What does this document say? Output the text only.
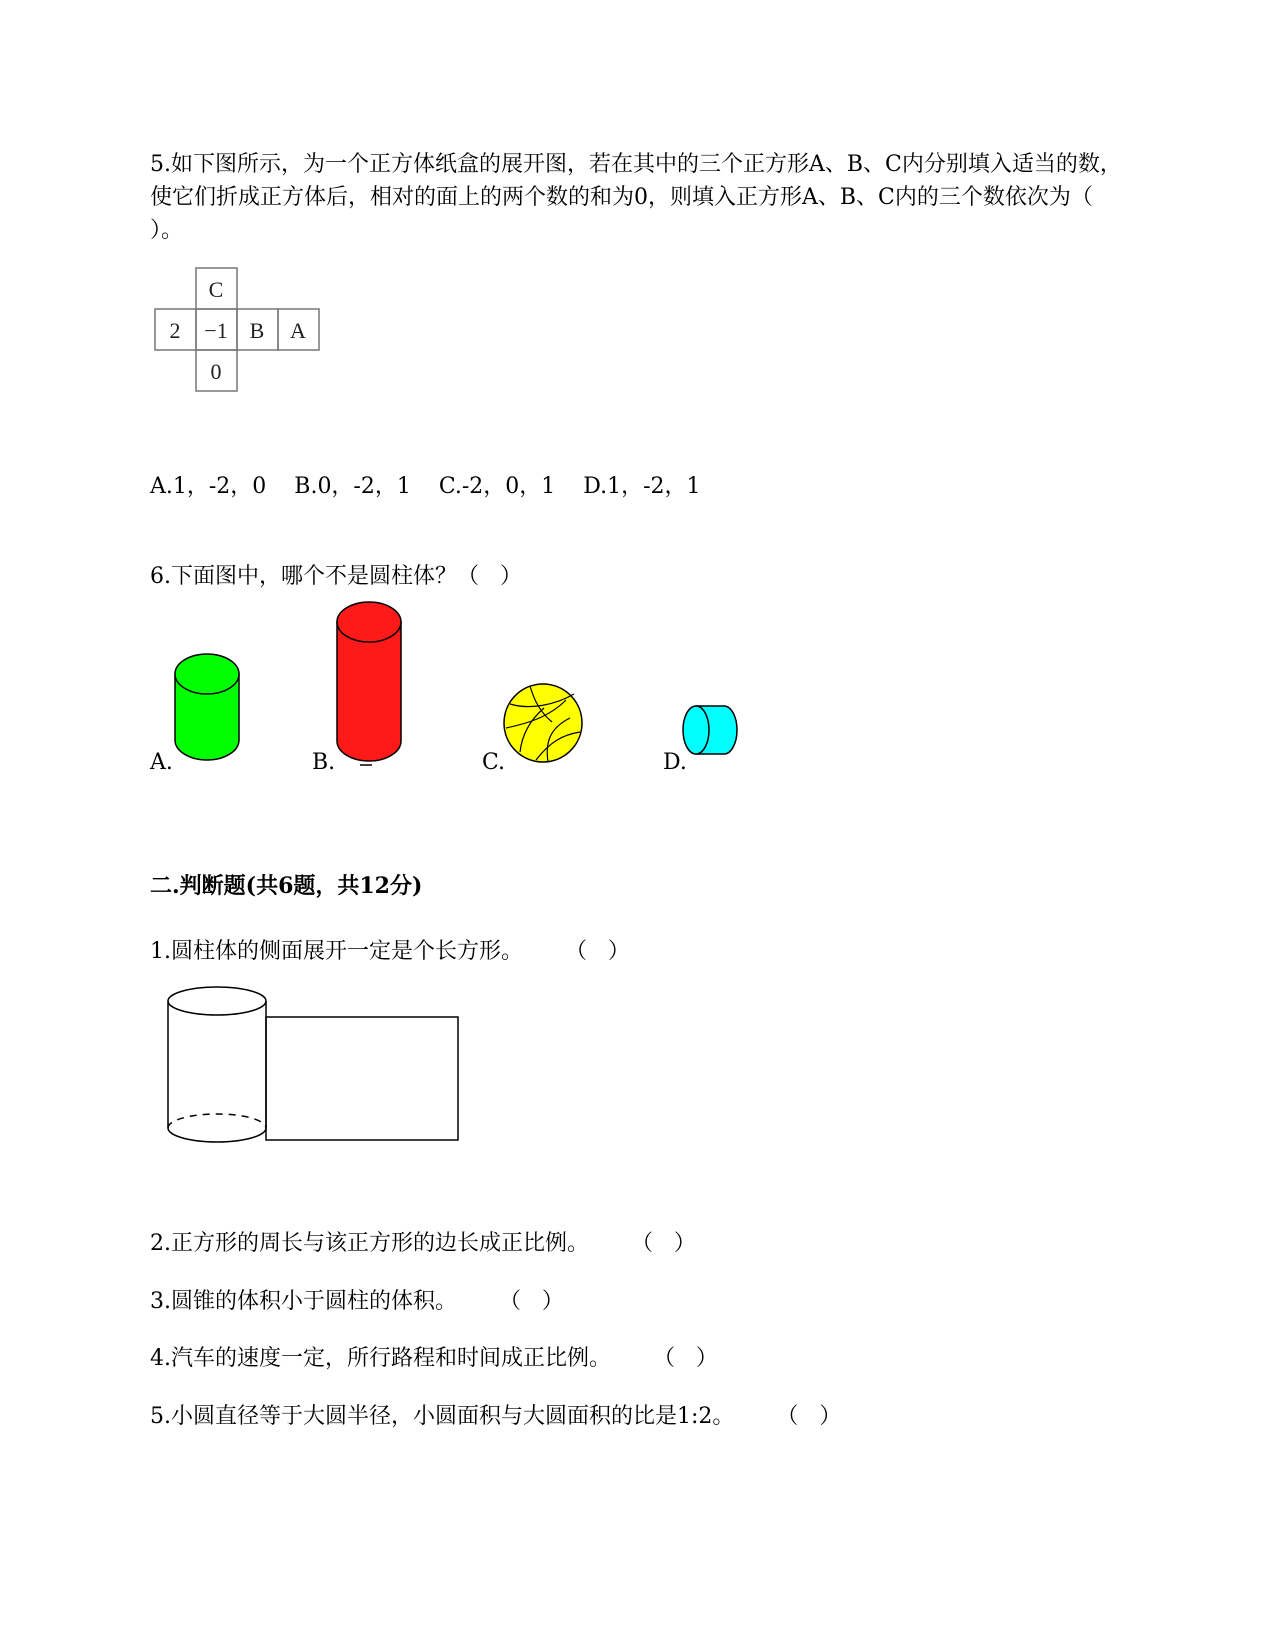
5.如下图所示，为一个正方体纸盒的展开图，若在其中的三个正方形A、B、C内分别填入适当的数，使它们折成正方体后，相对的面上的两个数的和为0，则填入正方形A、B、C内的三个数依次为（   ）。
C
2 −1 B A
0
A.1，-2，0    B.0，-2，1    C.-2，0，1    D.1，-2，1
6.下面图中，哪个不是圆柱体？（   ）
A.	B.	C.	D.
二.判断题(共6题，共12分)
1.圆柱体的侧面展开一定是个长方形。      （   ）
2.正方形的周长与该正方形的边长成正比例。      （   ）
3.圆锥的体积小于圆柱的体积。      （   ）
4.汽车的速度一定，所行路程和时间成正比例。      （   ）
5.小圆直径等于大圆半径，小圆面积与大圆面积的比是1:2。      （   ）
